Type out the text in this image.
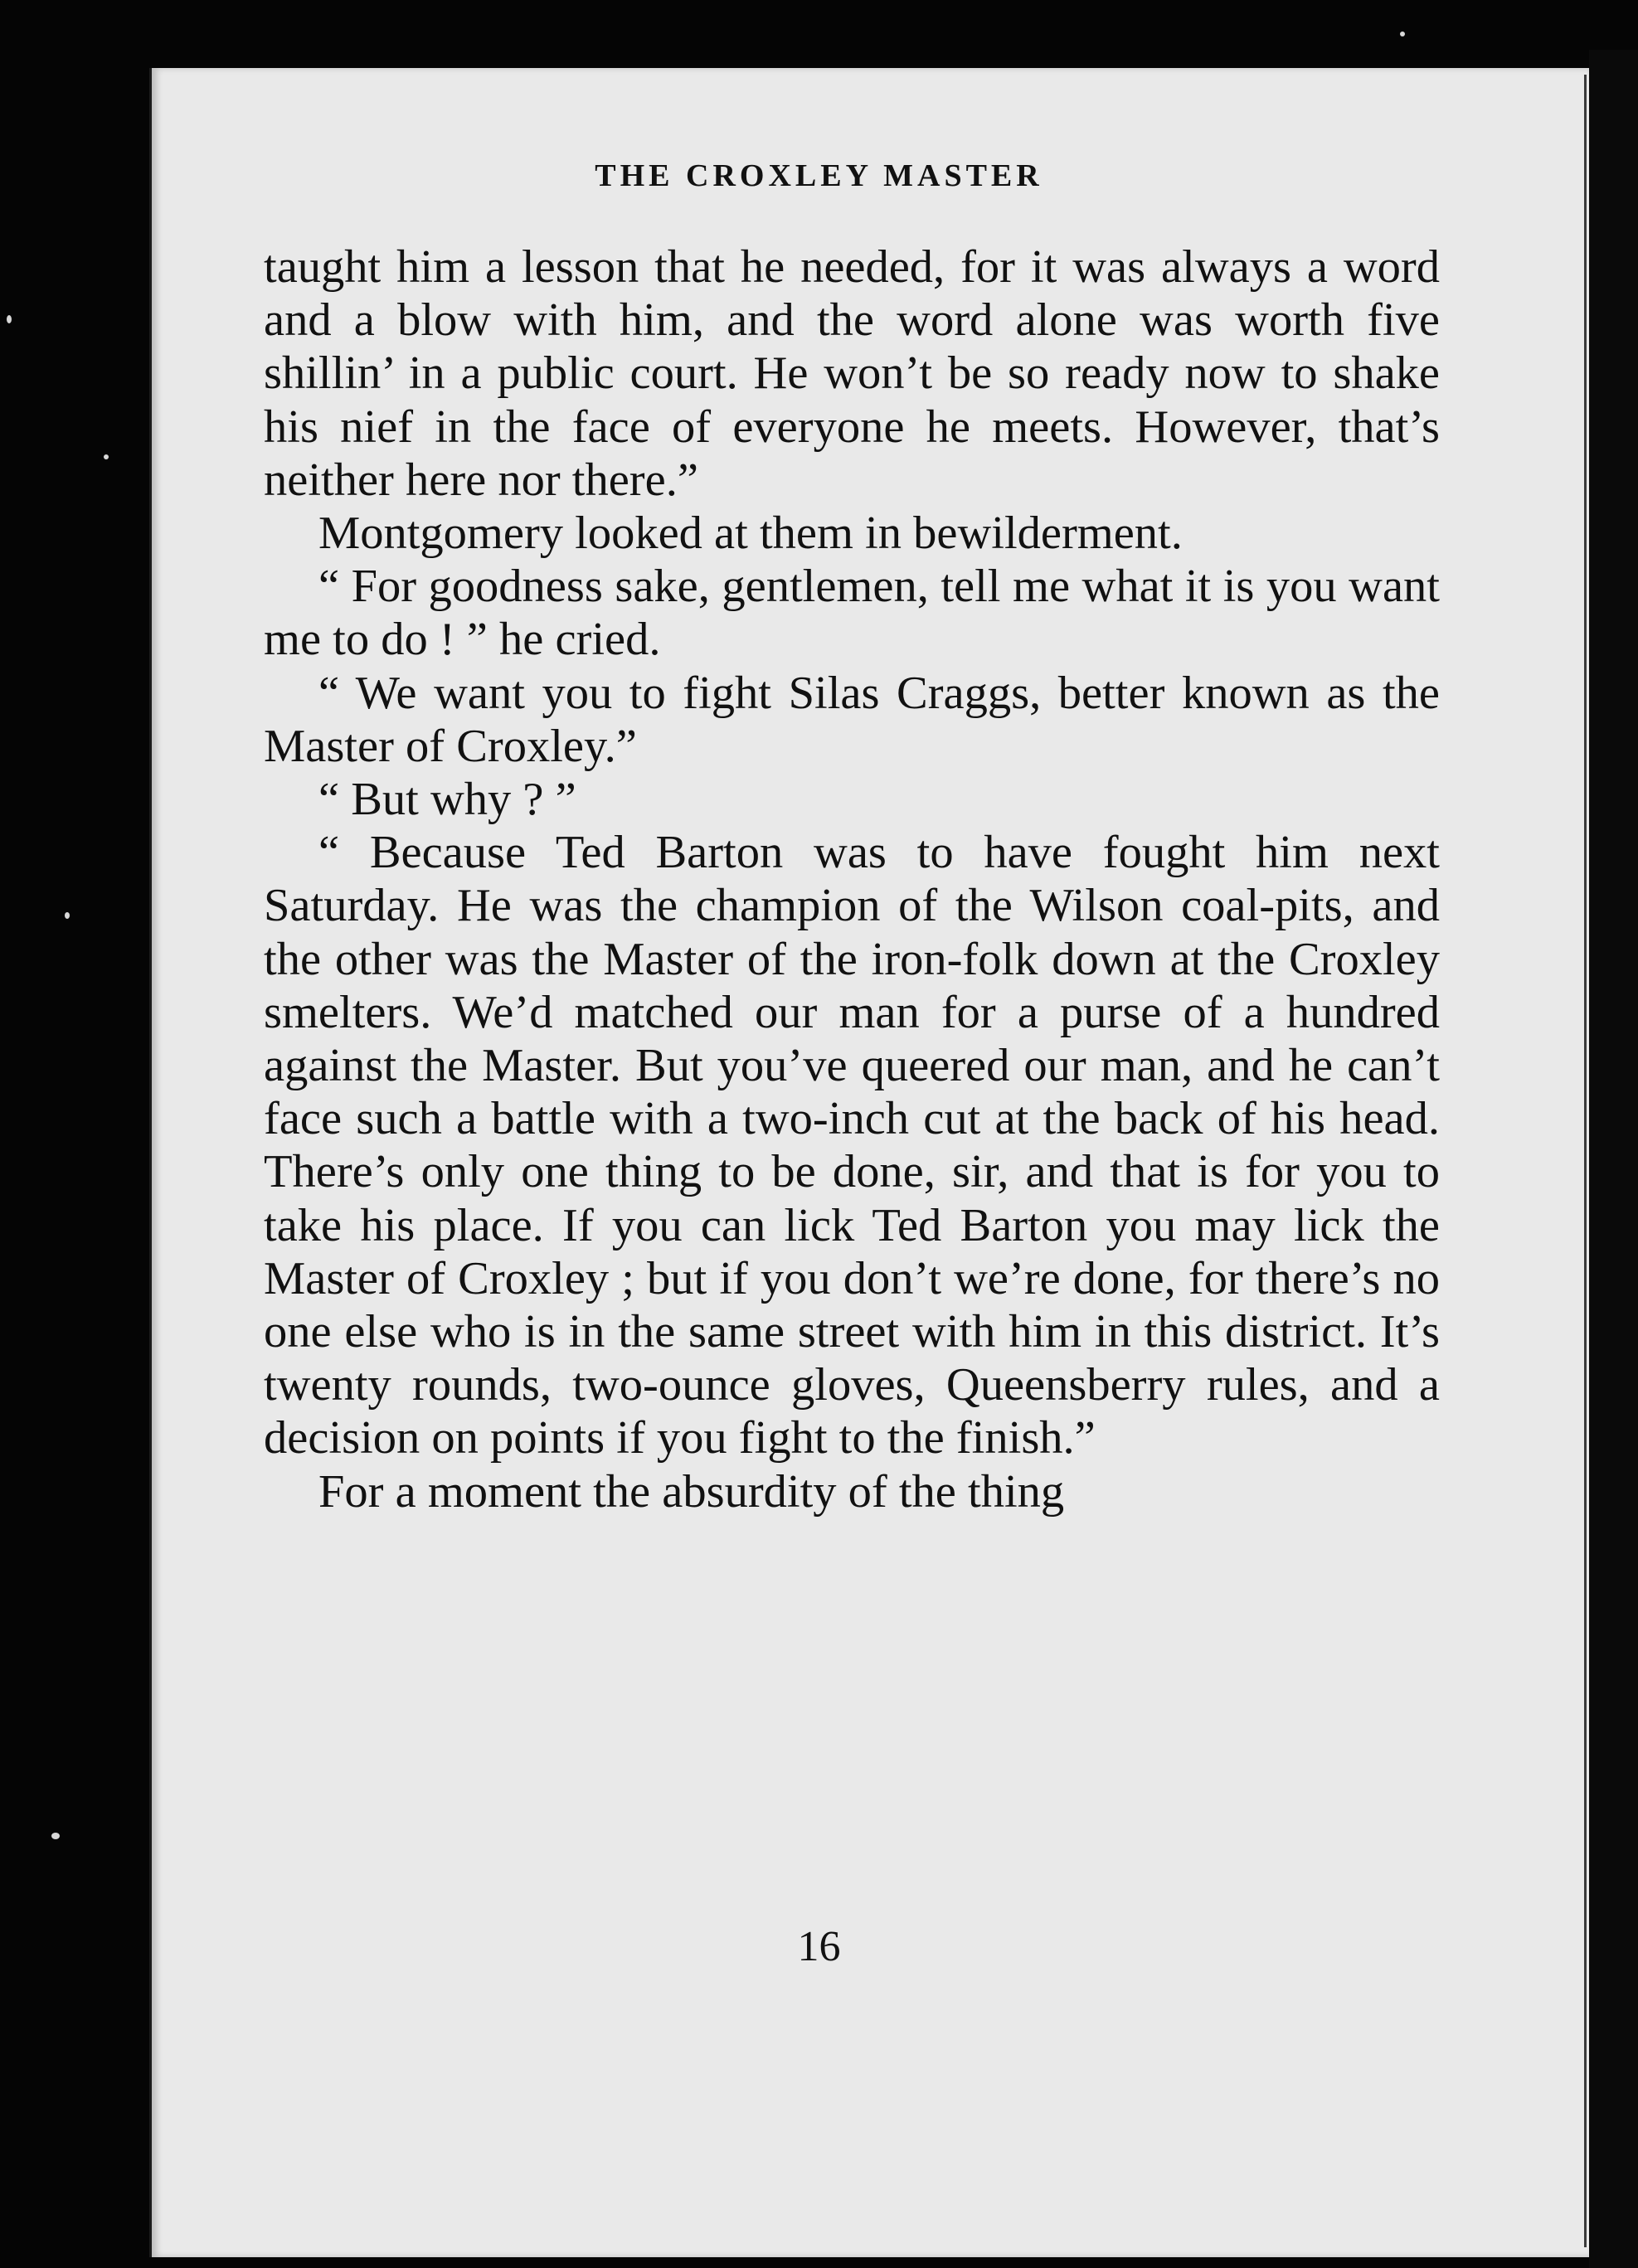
THE CROXLEY MASTER

taught him a lesson that he needed, for it was always a word and a blow with him, and the word alone was worth five shillin’ in a public court. He won’t be so ready now to shake his nief in the face of everyone he meets. However, that’s neither here nor there.”

Montgomery looked at them in bewilderment.

“ For goodness sake, gentlemen, tell me what it is you want me to do ! ” he cried.

“ We want you to fight Silas Craggs, better known as the Master of Croxley.”

“ But why ? ”

“ Because Ted Barton was to have fought him next Saturday. He was the champion of the Wilson coal-pits, and the other was the Master of the iron-folk down at the Croxley smelters. We’d matched our man for a purse of a hundred against the Master. But you’ve queered our man, and he can’t face such a battle with a two-inch cut at the back of his head. There’s only one thing to be done, sir, and that is for you to take his place. If you can lick Ted Barton you may lick the Master of Croxley ; but if you don’t we’re done, for there’s no one else who is in the same street with him in this district. It’s twenty rounds, two-ounce gloves, Queensberry rules, and a decision on points if you fight to the finish.”

For a moment the absurdity of the thing

16
